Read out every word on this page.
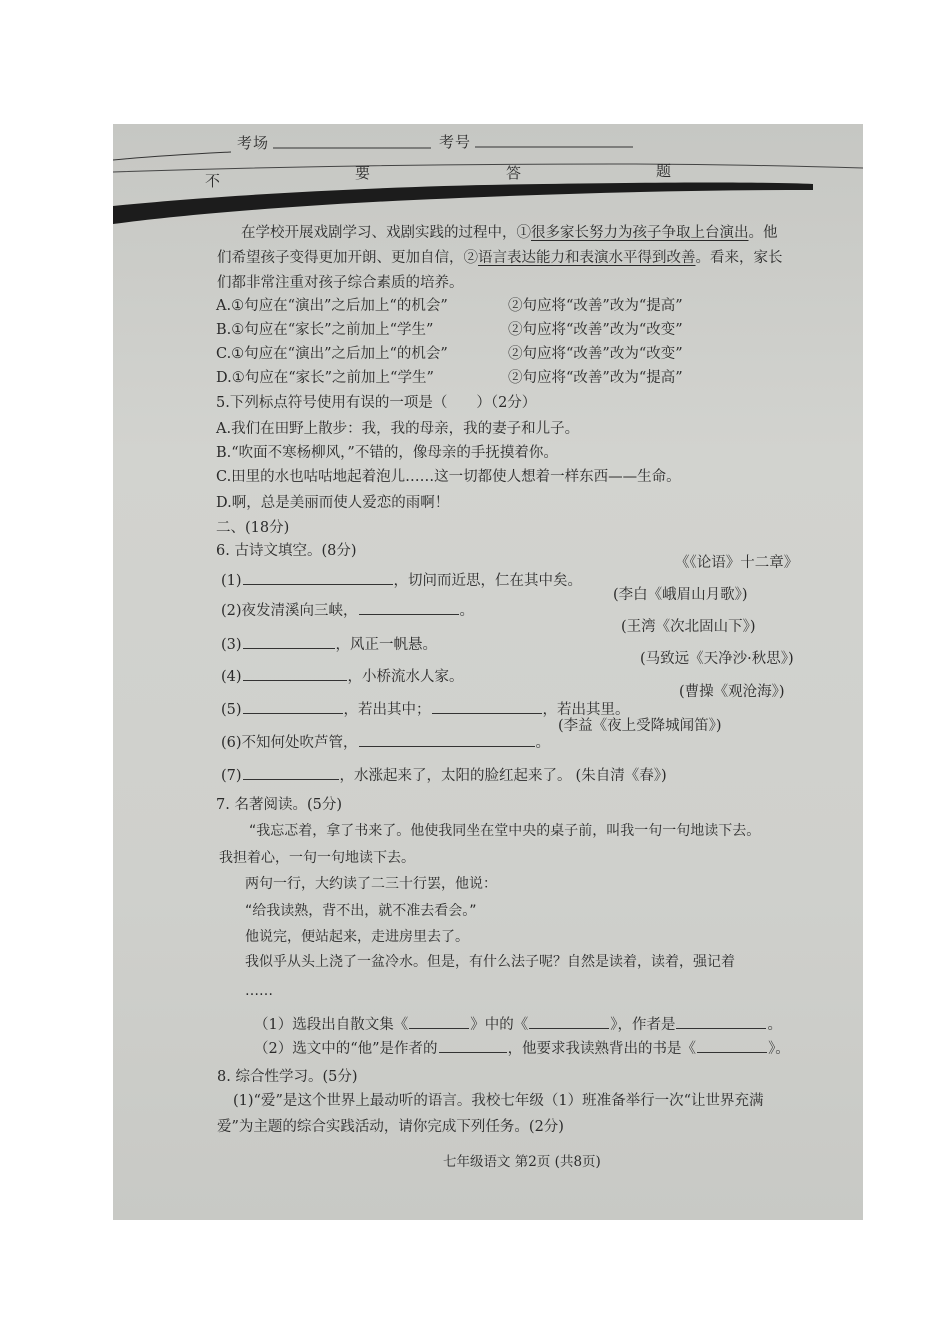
考场	考号
不	要	答	题
在学校开展戏剧学习、戏剧实践的过程中，①很多家长努力为孩子争取上台演出。他
们希望孩子变得更加开朗、更加自信，②语言表达能力和表演水平得到改善。看来，家长
们都非常注重对孩子综合素质的培养。
A.①句应在“演出”之后加上“的机会”	②句应将“改善”改为“提高”
B.①句应在“家长”之前加上“学生”	②句应将“改善”改为“改变”
C.①句应在“演出”之后加上“的机会”	②句应将“改善”改为“改变”
D.①句应在“家长”之前加上“学生”	②句应将“改善”改为“提高”
5.下列标点符号使用有误的一项是（　　）（2分）
A.我们在田野上散步：我，我的母亲，我的妻子和儿子。
B.“吹面不寒杨柳风，”不错的，像母亲的手抚摸着你。
C.田里的水也咕咕地起着泡儿……这一切都使人想着一样东西——生命。
D.啊，总是美丽而使人爱恋的雨啊！
二、(18分)
6. 古诗文填空。(8分)
(1)	，切问而近思，仁在其中矣。
《《论语》十二章》
(2)夜发清溪向三峡，	。
(李白《峨眉山月歌》)
(3)	，风正一帆悬。
(王湾《次北固山下》)
(4)	，小桥流水人家。
(马致远《天净沙·秋思》)
(5)	，若出其中；	，若出其里。
(曹操《观沧海》)
(6)不知何处吹芦管，	。
(李益《夜上受降城闻笛》)
(7)	，水涨起来了，太阳的脸红起来了。 (朱自清《春》)
7. 名著阅读。(5分)
“我忘忑着，拿了书来了。他使我同坐在堂中央的桌子前，叫我一句一句地读下去。
我担着心，一句一句地读下去。
两句一行，大约读了二三十行罢，他说：
“给我读熟，背不出，就不准去看会。”
他说完，便站起来，走进房里去了。
我似乎从头上浇了一盆冷水。但是，有什么法子呢？自然是读着，读着，强记着
……
（1）选段出自散文集《	》中的《	》，作者是	。
（2）选文中的“他”是作者的	，他要求我读熟背出的书是《	》。
8. 综合性学习。(5分)
(1)“爱”是这个世界上最动听的语言。我校七年级（1）班准备举行一次“让世界充满
爱”为主题的综合实践活动，请你完成下列任务。(2分)
七年级语文 第2页 (共8页)
